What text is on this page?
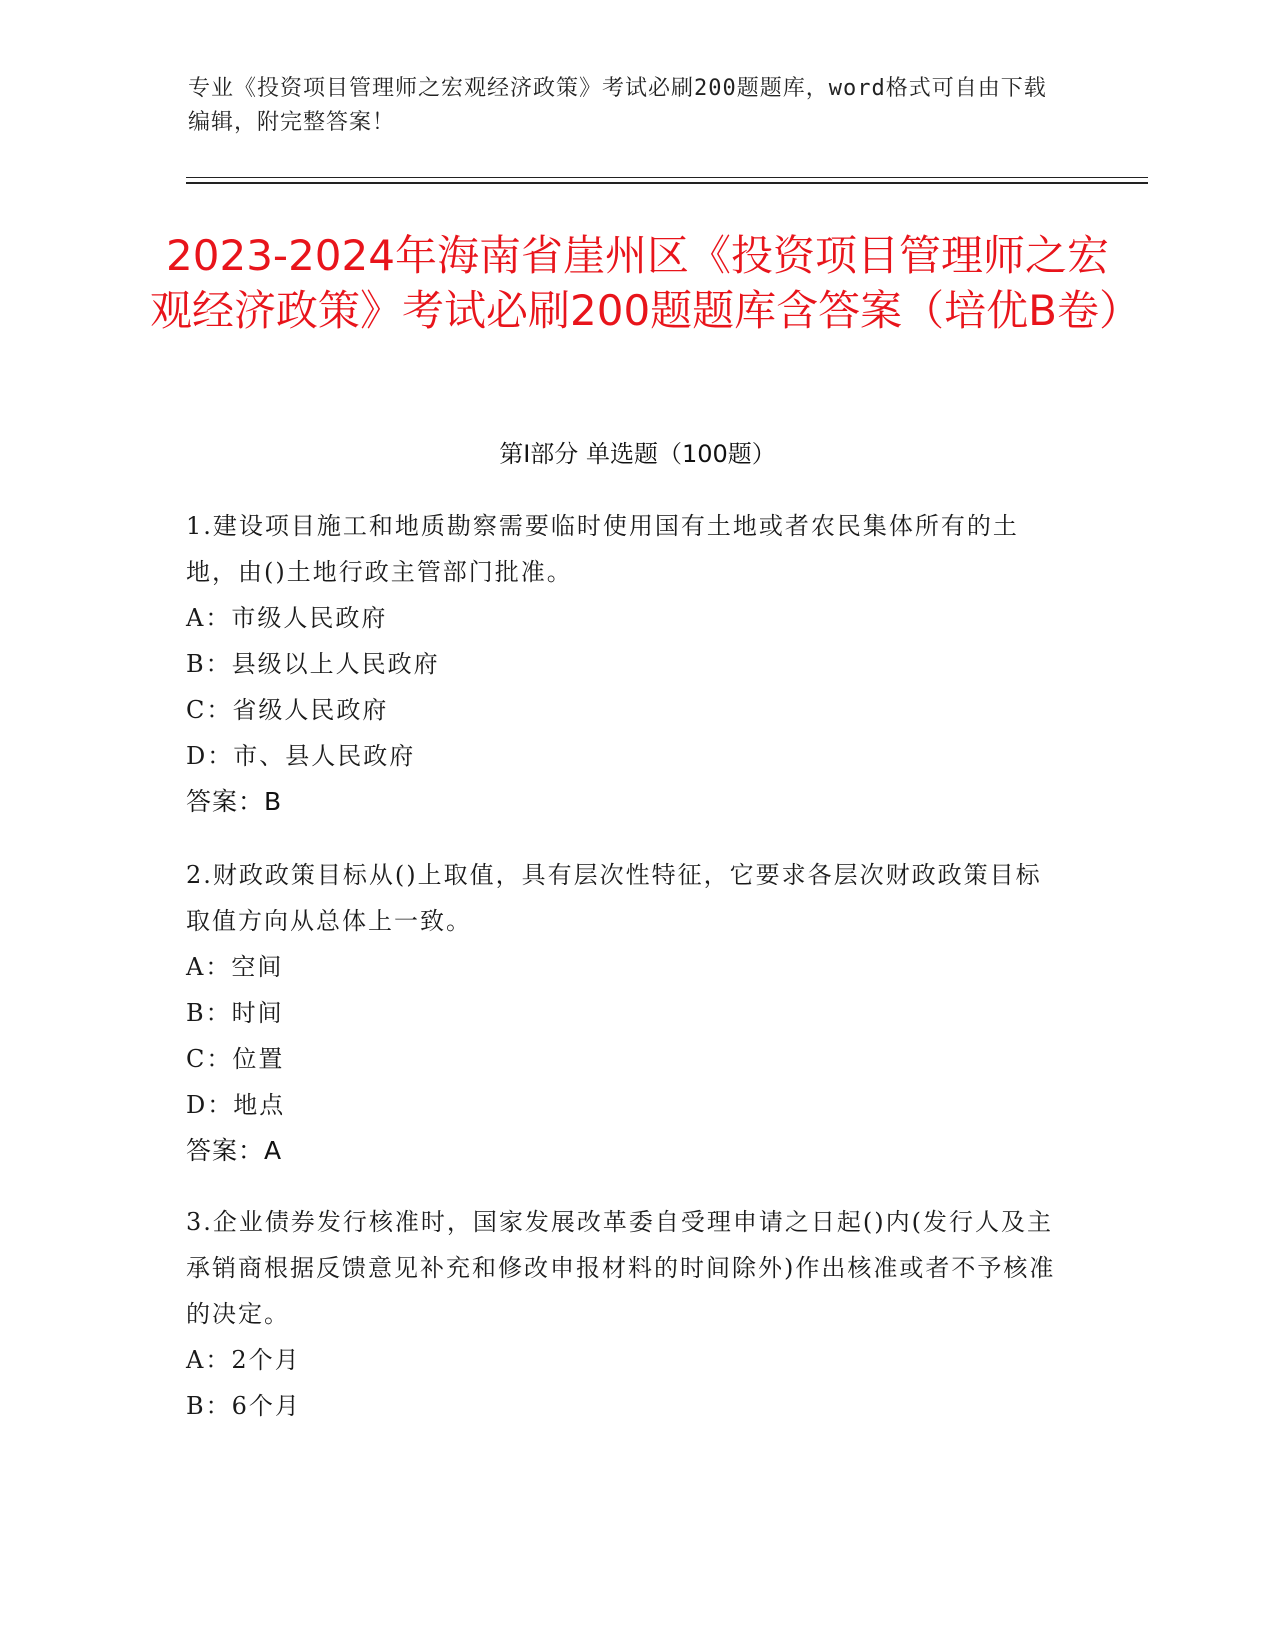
专业《投资项目管理师之宏观经济政策》考试必刷200题题库，word格式可自由下载编辑，附完整答案！
2023-2024年海南省崖州区《投资项目管理师之宏观经济政策》考试必刷200题题库含答案（培优B卷）
第Ⅰ部分 单选题（100题）
1.建设项目施工和地质勘察需要临时使用国有土地或者农民集体所有的土地，由()土地行政主管部门批准。
A：市级人民政府
B：县级以上人民政府
C：省级人民政府
D：市、县人民政府
答案：B
2.财政政策目标从()上取值，具有层次性特征，它要求各层次财政政策目标取值方向从总体上一致。
A：空间
B：时间
C：位置
D：地点
答案：A
3.企业债券发行核准时，国家发展改革委自受理申请之日起()内(发行人及主承销商根据反馈意见补充和修改申报材料的时间除外)作出核准或者不予核准的决定。
A：2个月
B：6个月
